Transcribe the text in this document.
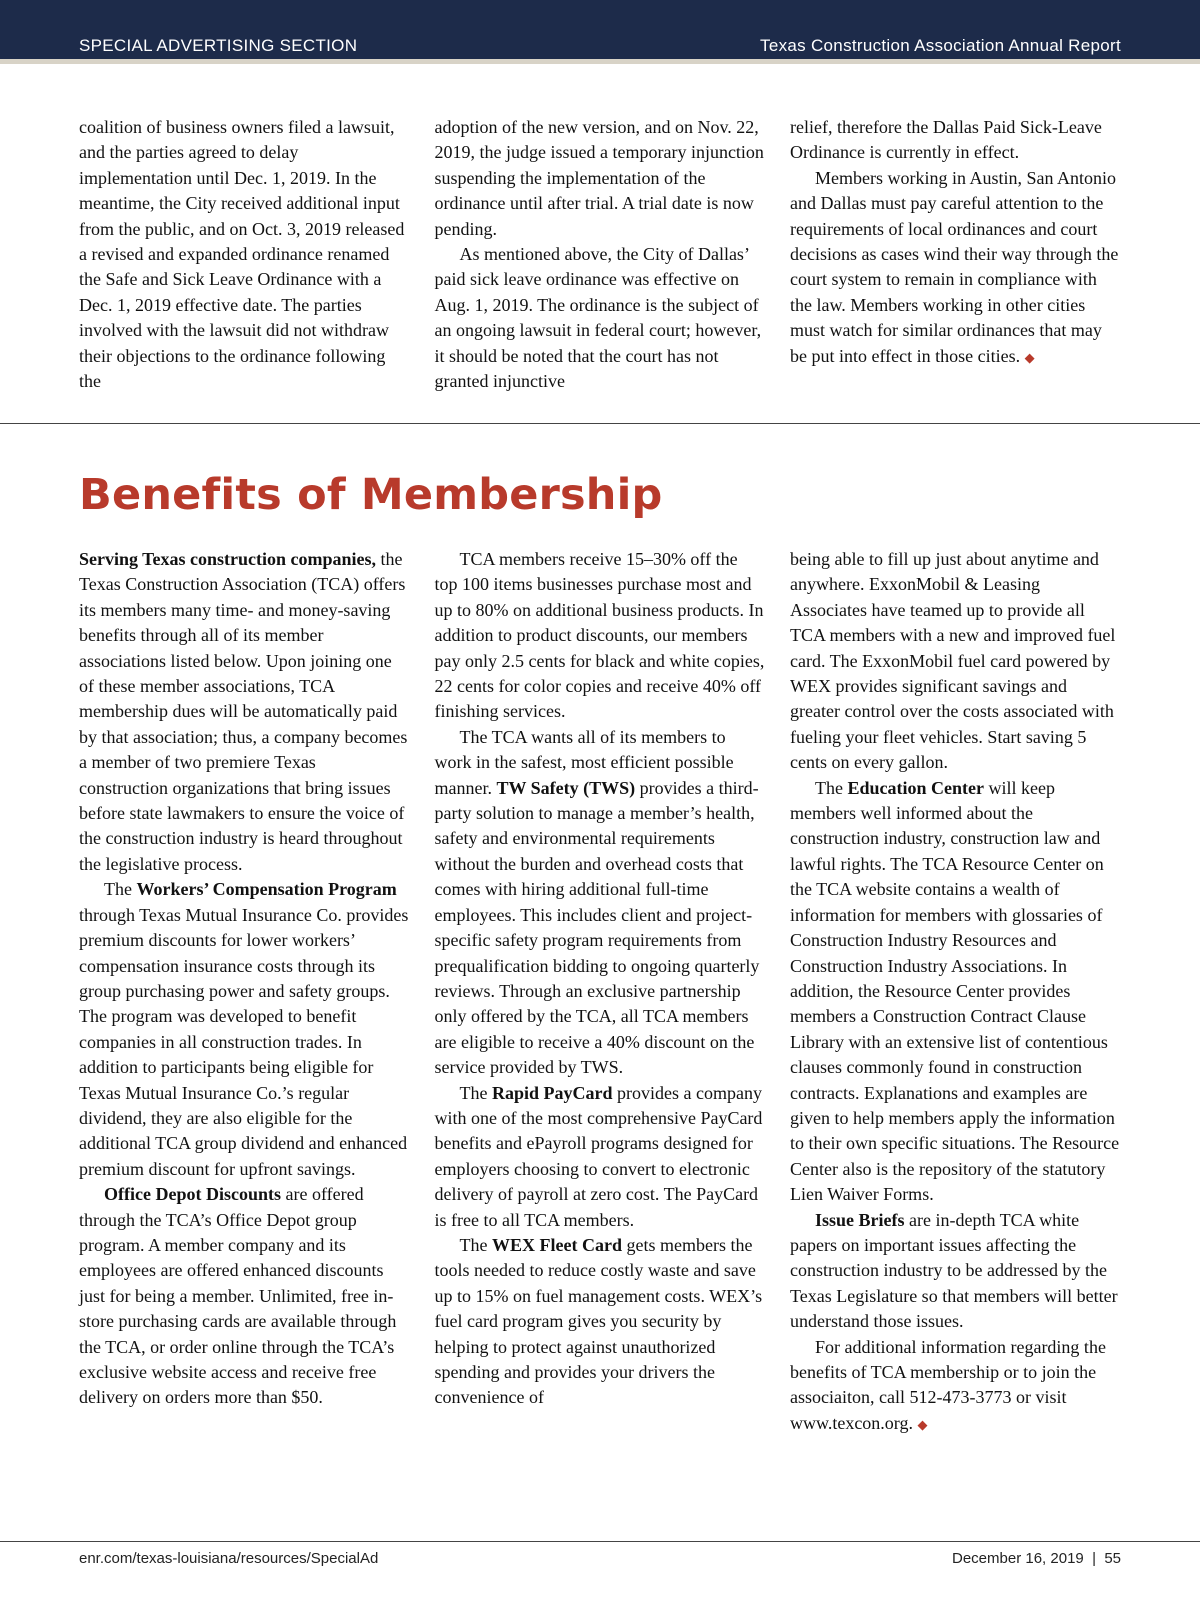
SPECIAL ADVERTISING SECTION	Texas Construction Association Annual Report

coalition of business owners filed a lawsuit, and the parties agreed to delay implementation until Dec. 1, 2019. In the meantime, the City received additional input from the public, and on Oct. 3, 2019 released a revised and expanded ordinance renamed the Safe and Sick Leave Ordinance with a Dec. 1, 2019 effective date. The parties involved with the lawsuit did not withdraw their objections to the ordinance following the

adoption of the new version, and on Nov. 22, 2019, the judge issued a temporary injunction suspending the implementation of the ordinance until after trial. A trial date is now pending.

As mentioned above, the City of Dallas’ paid sick leave ordinance was effective on Aug. 1, 2019. The ordinance is the subject of an ongoing lawsuit in federal court; however, it should be noted that the court has not granted injunctive

relief, therefore the Dallas Paid Sick-Leave Ordinance is currently in effect.

Members working in Austin, San Antonio and Dallas must pay careful attention to the requirements of local ordinances and court decisions as cases wind their way through the court system to remain in compliance with the law. Members working in other cities must watch for similar ordinances that may be put into effect in those cities. ◆

Benefits of Membership

Serving Texas construction companies, the Texas Construction Association (TCA) offers its members many time- and money-saving benefits through all of its member associations listed below. Upon joining one of these member associations, TCA membership dues will be automatically paid by that association; thus, a company becomes a member of two premiere Texas construction organizations that bring issues before state lawmakers to ensure the voice of the construction industry is heard throughout the legislative process.

The Workers’ Compensation Program through Texas Mutual Insurance Co. provides premium discounts for lower workers’ compensation insurance costs through its group purchasing power and safety groups. The program was developed to benefit companies in all construction trades. In addition to participants being eligible for Texas Mutual Insurance Co.’s regular dividend, they are also eligible for the additional TCA group dividend and enhanced premium discount for upfront savings.

Office Depot Discounts are offered through the TCA’s Office Depot group program. A member company and its employees are offered enhanced discounts just for being a member. Unlimited, free in-store purchasing cards are available through the TCA, or order online through the TCA’s exclusive website access and receive free delivery on orders more than $50.

TCA members receive 15–30% off the top 100 items businesses purchase most and up to 80% on additional business products. In addition to product discounts, our members pay only 2.5 cents for black and white copies, 22 cents for color copies and receive 40% off finishing services.

The TCA wants all of its members to work in the safest, most efficient possible manner. TW Safety (TWS) provides a third-party solution to manage a member’s health, safety and environmental requirements without the burden and overhead costs that comes with hiring additional full-time employees. This includes client and project-specific safety program requirements from prequalification bidding to ongoing quarterly reviews. Through an exclusive partnership only offered by the TCA, all TCA members are eligible to receive a 40% discount on the service provided by TWS.

The Rapid PayCard provides a company with one of the most comprehensive PayCard benefits and ePayroll programs designed for employers choosing to convert to electronic delivery of payroll at zero cost. The PayCard is free to all TCA members.

The WEX Fleet Card gets members the tools needed to reduce costly waste and save up to 15% on fuel management costs. WEX’s fuel card program gives you security by helping to protect against unauthorized spending and provides your drivers the convenience of

being able to fill up just about anytime and anywhere. ExxonMobil & Leasing Associates have teamed up to provide all TCA members with a new and improved fuel card. The ExxonMobil fuel card powered by WEX provides significant savings and greater control over the costs associated with fueling your fleet vehicles. Start saving 5 cents on every gallon.

The Education Center will keep members well informed about the construction industry, construction law and lawful rights. The TCA Resource Center on the TCA website contains a wealth of information for members with glossaries of Construction Industry Resources and Construction Industry Associations. In addition, the Resource Center provides members a Construction Contract Clause Library with an extensive list of contentious clauses commonly found in construction contracts. Explanations and examples are given to help members apply the information to their own specific situations. The Resource Center also is the repository of the statutory Lien Waiver Forms.

Issue Briefs are in-depth TCA white papers on important issues affecting the construction industry to be addressed by the Texas Legislature so that members will better understand those issues.

For additional information regarding the benefits of TCA membership or to join the associaiton, call 512-473-3773 or visit www.texcon.org. ◆

enr.com/texas-louisiana/resources/SpecialAd	December 16, 2019  |  55
